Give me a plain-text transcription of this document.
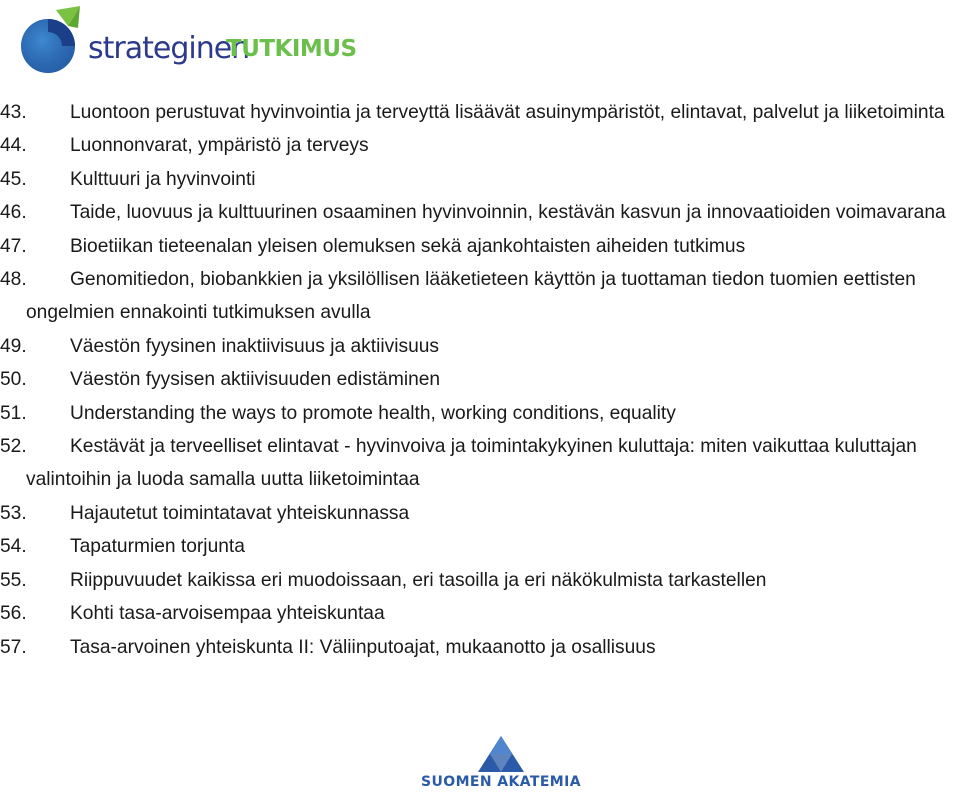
strateginen
TUTKIMUS
43. Luontoon perustuvat hyvinvointia ja terveyttä lisäävät asuinympäristöt, elintavat, palvelut ja liiketoiminta
44. Luonnonvarat, ympäristö ja terveys
45. Kulttuuri ja hyvinvointi
46. Taide, luovuus ja kulttuurinen osaaminen hyvinvoinnin, kestävän kasvun ja innovaatioiden voimavarana
47. Bioetiikan tieteenalan yleisen olemuksen sekä ajankohtaisten aiheiden tutkimus
48. Genomitiedon, biobankkien ja yksilöllisen lääketieteen käyttön ja tuottaman tiedon tuomien eettisten ongelmien ennakointi tutkimuksen avulla
49. Väestön fyysinen inaktiivisuus ja aktiivisuus
50. Väestön fyysisen aktiivisuuden edistäminen
51. Understanding the ways to promote health, working conditions, equality
52. Kestävät ja terveelliset elintavat - hyvinvoiva ja toimintakykyinen kuluttaja: miten vaikuttaa kuluttajan valintoihin ja luoda samalla uutta liiketoimintaa
53. Hajautetut toimintatavat yhteiskunnassa
54. Tapaturmien torjunta
55. Riippuvuudet kaikissa eri muodoissaan, eri tasoilla ja eri näkökulmista tarkastellen
56. Kohti tasa-arvoisempaa yhteiskuntaa
57. Tasa-arvoinen yhteiskunta II: Väliinputoajat, mukaanotto ja osallisuus
SUOMEN AKATEMIA
